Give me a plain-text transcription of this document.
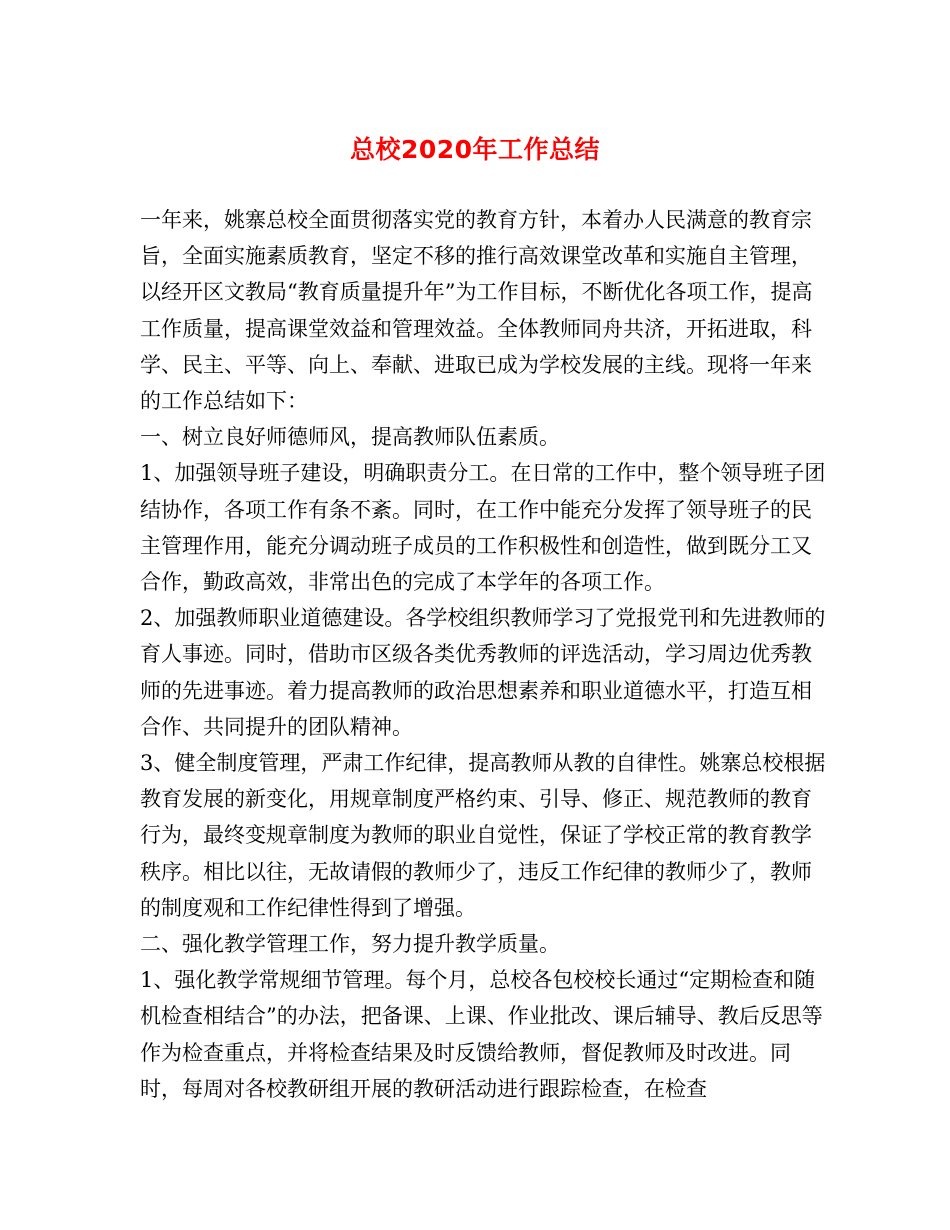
总校2020年工作总结

一年来，姚寨总校全面贯彻落实党的教育方针，本着办人民满意的教育宗旨，全面实施素质教育，坚定不移的推行高效课堂改革和实施自主管理，以经开区文教局“教育质量提升年”为工作目标，不断优化各项工作，提高工作质量，提高课堂效益和管理效益。全体教师同舟共济，开拓进取，科学、民主、平等、向上、奉献、进取已成为学校发展的主线。现将一年来的工作总结如下：

一、树立良好师德师风，提高教师队伍素质。

1、加强领导班子建设，明确职责分工。在日常的工作中，整个领导班子团结协作，各项工作有条不紊。同时，在工作中能充分发挥了领导班子的民主管理作用，能充分调动班子成员的工作积极性和创造性，做到既分工又合作，勤政高效，非常出色的完成了本学年的各项工作。

2、加强教师职业道德建设。各学校组织教师学习了党报党刊和先进教师的育人事迹。同时，借助市区级各类优秀教师的评选活动，学习周边优秀教师的先进事迹。着力提高教师的政治思想素养和职业道德水平，打造互相合作、共同提升的团队精神。

3、健全制度管理，严肃工作纪律，提高教师从教的自律性。姚寨总校根据教育发展的新变化，用规章制度严格约束、引导、修正、规范教师的教育行为，最终变规章制度为教师的职业自觉性，保证了学校正常的教育教学秩序。相比以往，无故请假的教师少了，违反工作纪律的教师少了，教师的制度观和工作纪律性得到了增强。

二、强化教学管理工作，努力提升教学质量。

1、强化教学常规细节管理。每个月，总校各包校校长通过“定期检查和随机检查相结合”的办法，把备课、上课、作业批改、课后辅导、教后反思等作为检查重点，并将检查结果及时反馈给教师，督促教师及时改进。同时，每周对各校教研组开展的教研活动进行跟踪检查，在检查
